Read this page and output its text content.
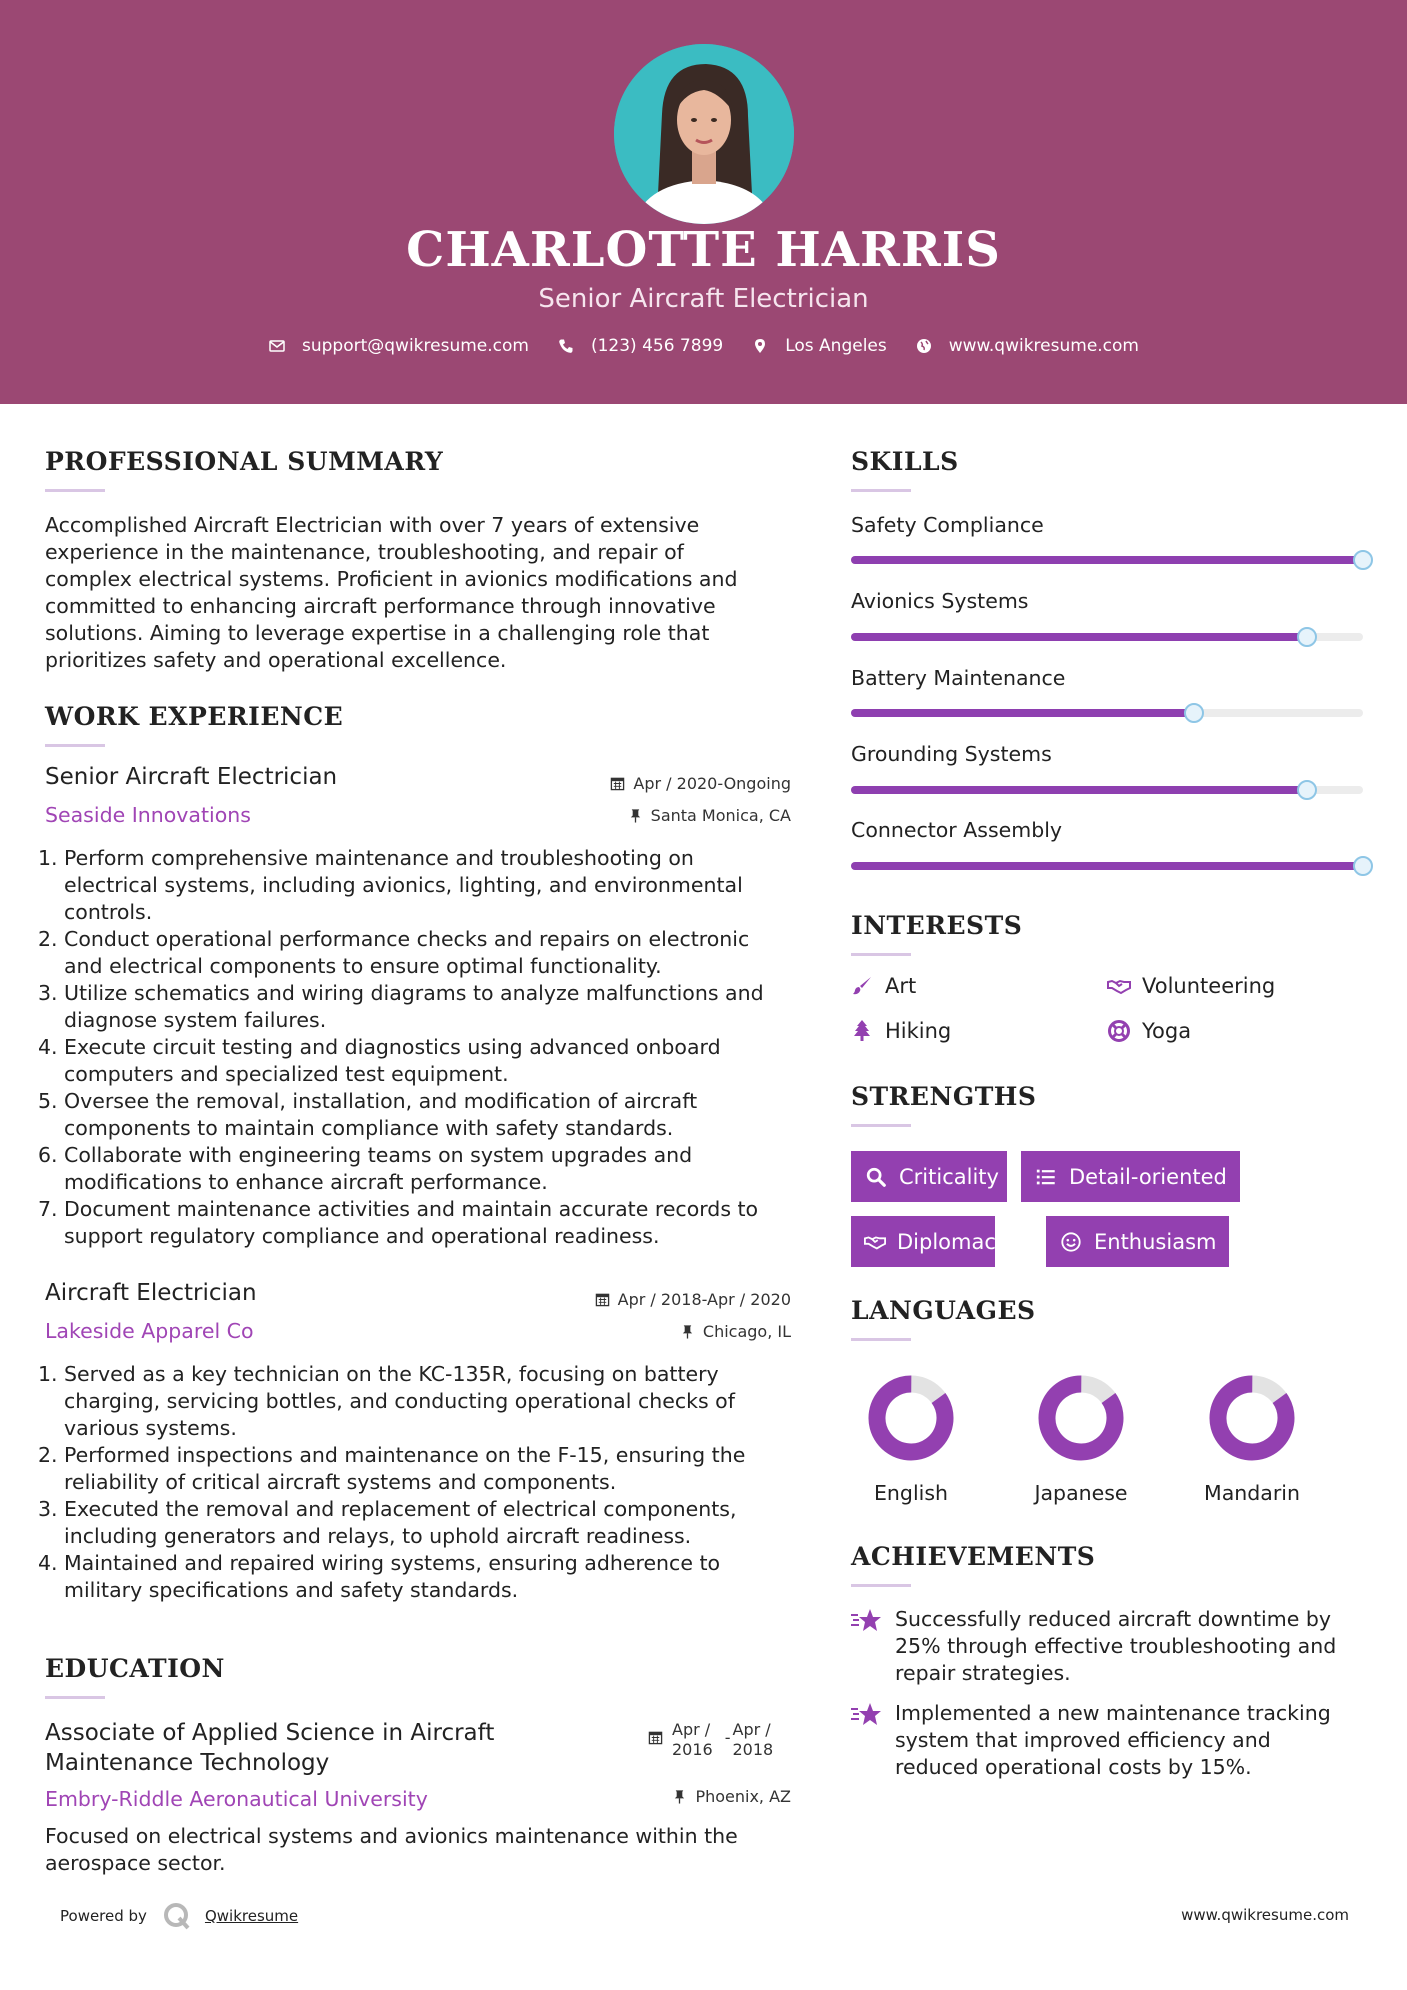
CHARLOTTE HARRIS
Senior Aircraft Electrician
support@qwikresume.com	(123) 456 7899	Los Angeles	www.qwikresume.com
PROFESSIONAL SUMMARY
Accomplished Aircraft Electrician with over 7 years of extensive experience in the maintenance, troubleshooting, and repair of complex electrical systems. Proficient in avionics modifications and committed to enhancing aircraft performance through innovative solutions. Aiming to leverage expertise in a challenging role that prioritizes safety and operational excellence.
WORK EXPERIENCE
Senior Aircraft Electrician
Seaside Innovations
Apr / 2020-Ongoing
Santa Monica, CA
1. Perform comprehensive maintenance and troubleshooting on electrical systems, including avionics, lighting, and environmental controls.
2. Conduct operational performance checks and repairs on electronic and electrical components to ensure optimal functionality.
3. Utilize schematics and wiring diagrams to analyze malfunctions and diagnose system failures.
4. Execute circuit testing and diagnostics using advanced onboard computers and specialized test equipment.
5. Oversee the removal, installation, and modification of aircraft components to maintain compliance with safety standards.
6. Collaborate with engineering teams on system upgrades and modifications to enhance aircraft performance.
7. Document maintenance activities and maintain accurate records to support regulatory compliance and operational readiness.
Aircraft Electrician
Lakeside Apparel Co
Apr / 2018-Apr / 2020
Chicago, IL
1. Served as a key technician on the KC-135R, focusing on battery charging, servicing bottles, and conducting operational checks of various systems.
2. Performed inspections and maintenance on the F-15, ensuring the reliability of critical aircraft systems and components.
3. Executed the removal and replacement of electrical components, including generators and relays, to uphold aircraft readiness.
4. Maintained and repaired wiring systems, ensuring adherence to military specifications and safety standards.
EDUCATION
Associate of Applied Science in Aircraft
Maintenance Technology
Embry-Riddle Aeronautical University
Apr /
2016
- Apr /
2018
Phoenix, AZ
Focused on electrical systems and avionics maintenance within the aerospace sector.
SKILLS
Safety Compliance
Avionics Systems
Battery Maintenance
Grounding Systems
Connector Assembly
INTERESTS
Art	Volunteering
Hiking	Yoga
STRENGTHS
Criticality	Detail-oriented
Diplomacy	Enthusiasm
LANGUAGES
English	Japanese	Mandarin
ACHIEVEMENTS
Successfully reduced aircraft downtime by 25% through effective troubleshooting and repair strategies.
Implemented a new maintenance tracking system that improved efficiency and reduced operational costs by 15%.
Powered by	Qwikresume	www.qwikresume.com
